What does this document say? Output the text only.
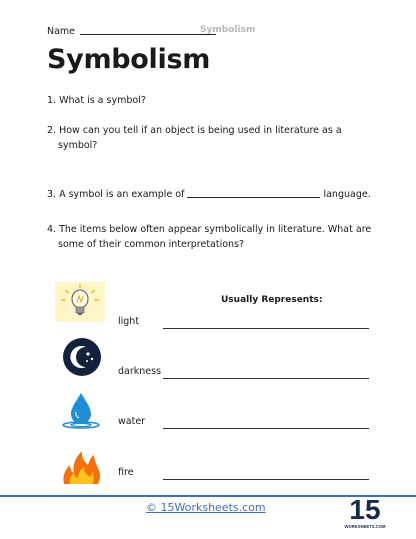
Name	Symbolism
Symbolism
1. What is a symbol?
2. How can you tell if an object is being used in literature as a
symbol?
3. A symbol is an example of	language.
4. The items below often appear symbolically in literature. What are
some of their common interpretations?
Usually Represents:
light
darkness
water
fire
© 15Worksheets.com	15
WORKSHEETS.COM
